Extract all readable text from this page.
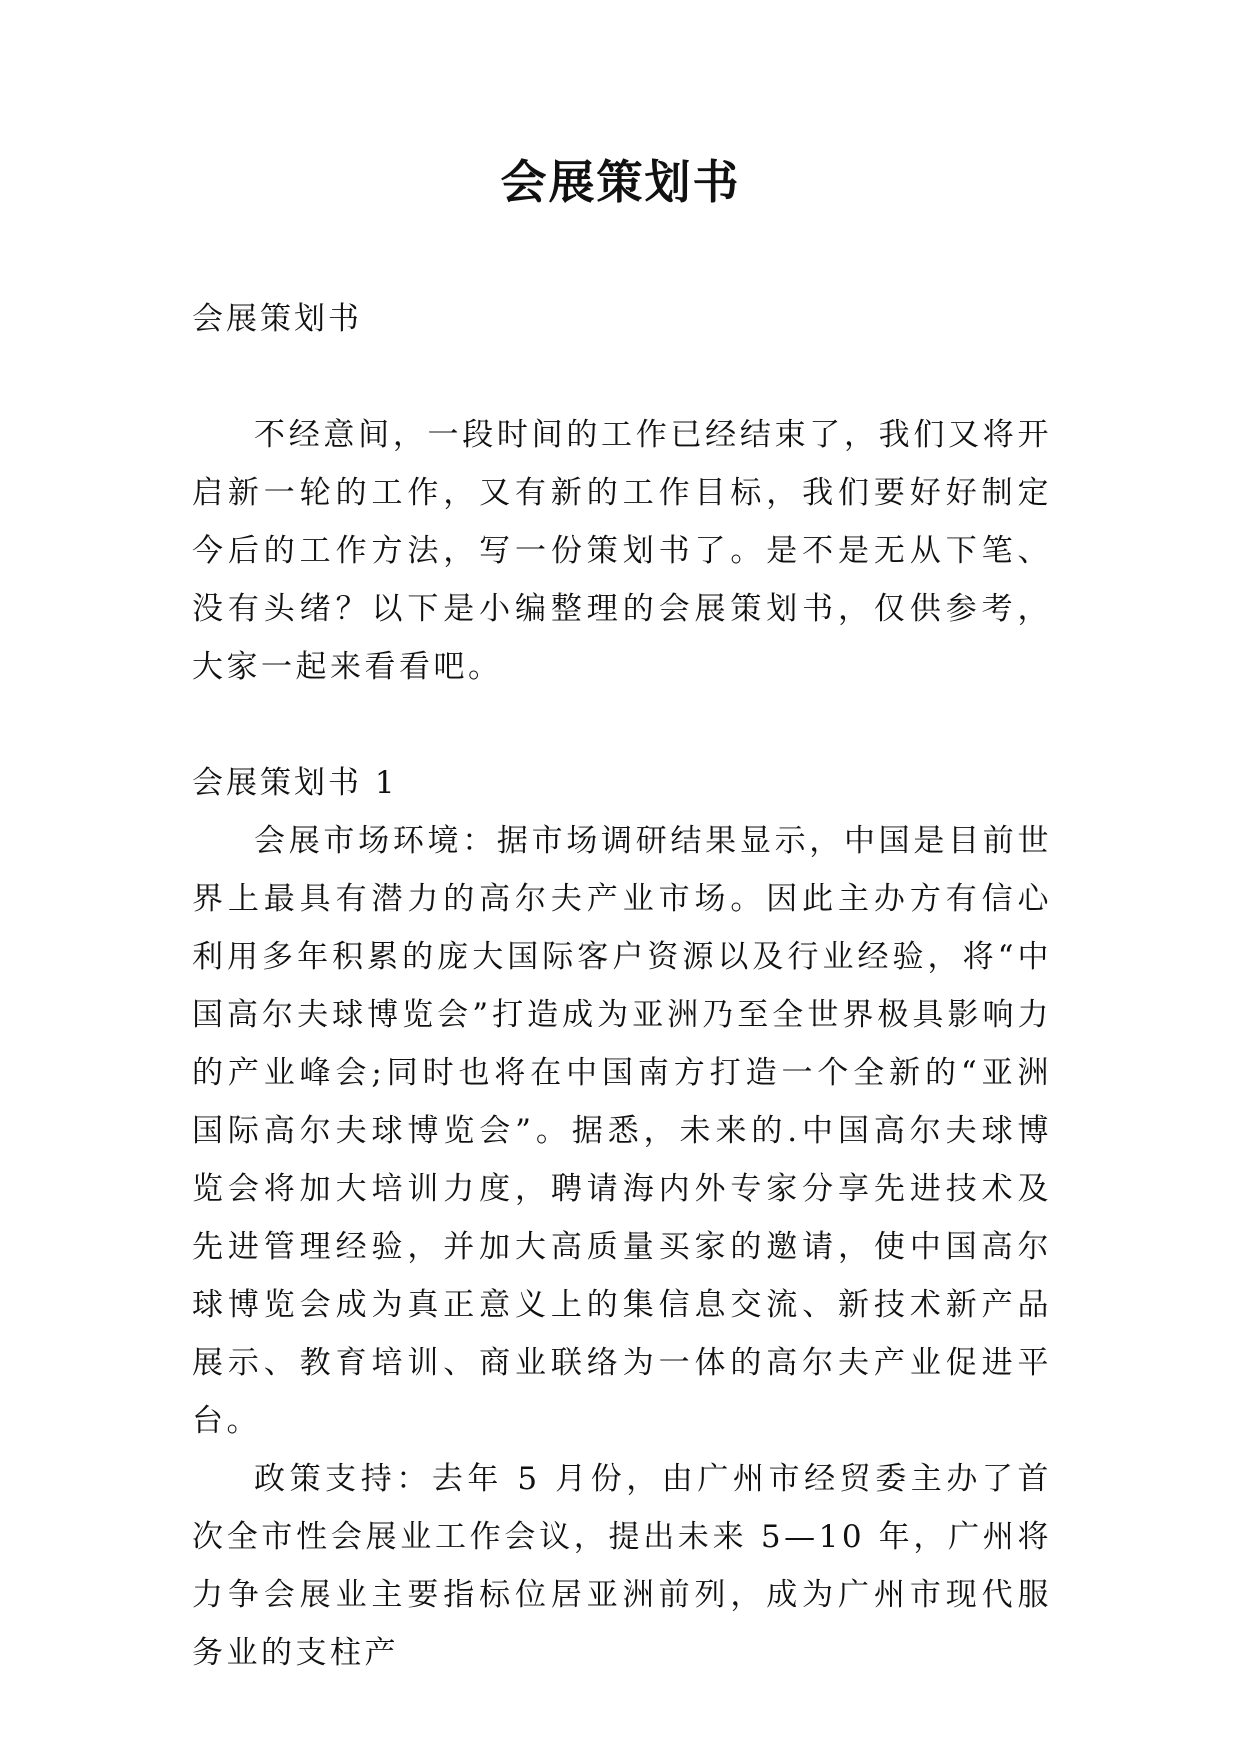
会展策划书

会展策划书

不经意间，一段时间的工作已经结束了，我们又将开启新一轮的工作，又有新的工作目标，我们要好好制定今后的工作方法，写一份策划书了。是不是无从下笔、没有头绪？以下是小编整理的会展策划书，仅供参考，大家一起来看看吧。

会展策划书 1

会展市场环境：据市场调研结果显示，中国是目前世界上最具有潜力的高尔夫产业市场。因此主办方有信心利用多年积累的庞大国际客户资源以及行业经验，将“中国高尔夫球博览会”打造成为亚洲乃至全世界极具影响力的产业峰会;同时也将在中国南方打造一个全新的“亚洲国际高尔夫球博览会”。据悉，未来的.中国高尔夫球博览会将加大培训力度，聘请海内外专家分享先进技术及先进管理经验，并加大高质量买家的邀请，使中国高尔球博览会成为真正意义上的集信息交流、新技术新产品展示、教育培训、商业联络为一体的高尔夫产业促进平台。

政策支持：去年 5 月份，由广州市经贸委主办了首次全市性会展业工作会议，提出未来 5—10 年，广州将力争会展业主要指标位居亚洲前列，成为广州市现代服务业的支柱产
